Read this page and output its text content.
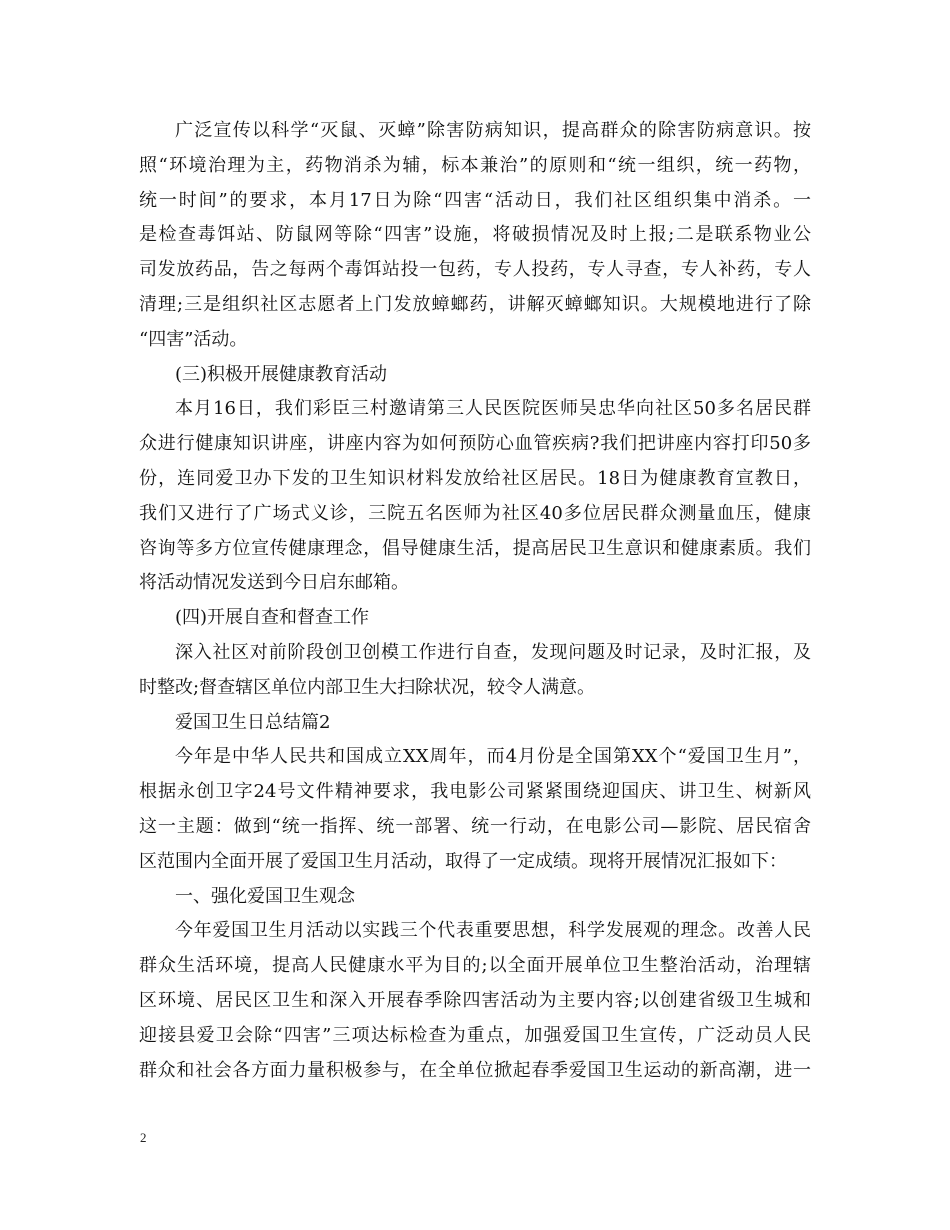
广泛宣传以科学“灭鼠、灭蟑”除害防病知识，提高群众的除害防病意识。按
照“环境治理为主，药物消杀为辅，标本兼治”的原则和“统一组织，统一药物，
统一时间”的要求，本月17日为除“四害“活动日，我们社区组织集中消杀。一
是检查毒饵站、防鼠网等除“四害”设施，将破损情况及时上报;二是联系物业公
司发放药品，告之每两个毒饵站投一包药，专人投药，专人寻查，专人补药，专人
清理;三是组织社区志愿者上门发放蟑螂药，讲解灭蟑螂知识。大规模地进行了除
“四害”活动。
(三)积极开展健康教育活动
本月16日，我们彩臣三村邀请第三人民医院医师吴忠华向社区50多名居民群
众进行健康知识讲座，讲座内容为如何预防心血管疾病?我们把讲座内容打印50多
份，连同爱卫办下发的卫生知识材料发放给社区居民。18日为健康教育宣教日，
我们又进行了广场式义诊，三院五名医师为社区40多位居民群众测量血压，健康
咨询等多方位宣传健康理念，倡导健康生活，提高居民卫生意识和健康素质。我们
将活动情况发送到今日启东邮箱。
(四)开展自查和督查工作
深入社区对前阶段创卫创模工作进行自查，发现问题及时记录，及时汇报，及
时整改;督查辖区单位内部卫生大扫除状况，较令人满意。
爱国卫生日总结篇2
今年是中华人民共和国成立XX周年，而4月份是全国第XX个“爱国卫生月”，
根据永创卫字24号文件精神要求，我电影公司紧紧围绕迎国庆、讲卫生、树新风
这一主题：做到“统一指挥、统一部署、统一行动，在电影公司—影院、居民宿舍
区范围内全面开展了爱国卫生月活动，取得了一定成绩。现将开展情况汇报如下：
一、强化爱国卫生观念
今年爱国卫生月活动以实践三个代表重要思想，科学发展观的理念。改善人民
群众生活环境，提高人民健康水平为目的;以全面开展单位卫生整治活动，治理辖
区环境、居民区卫生和深入开展春季除四害活动为主要内容;以创建省级卫生城和
迎接县爱卫会除“四害”三项达标检查为重点，加强爱国卫生宣传，广泛动员人民
群众和社会各方面力量积极参与，在全单位掀起春季爱国卫生运动的新高潮，进一
2
